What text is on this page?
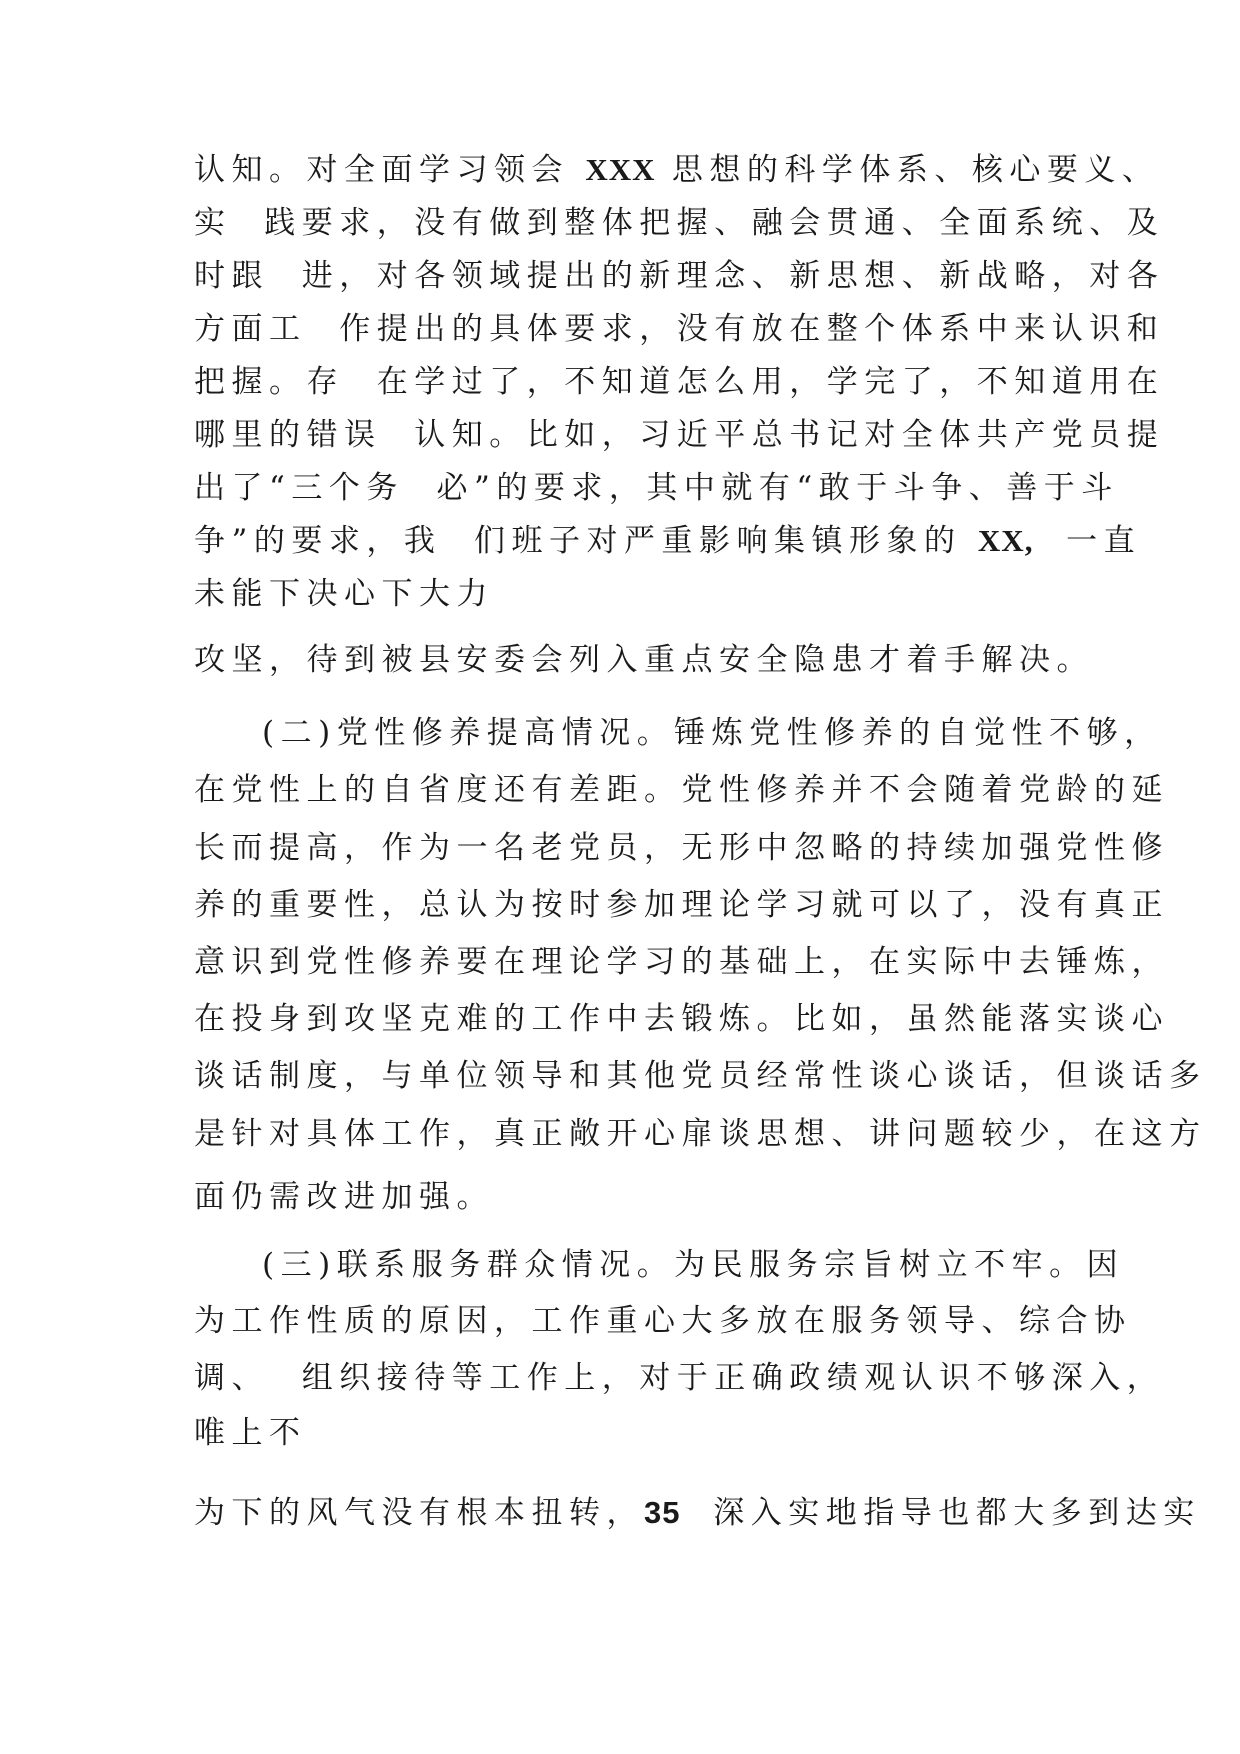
认知。对全面学习领会 XXX 思想的科学体系、核心要义、
实  践要求，没有做到整体把握、融会贯通、全面系统、及
时跟  进，对各领域提出的新理念、新思想、新战略，对各
方面工  作提出的具体要求，没有放在整个体系中来认识和
把握。存  在学过了，不知道怎么用，学完了，不知道用在
哪里的错误  认知。比如，习近平总书记对全体共产党员提
出了“三个务  必”的要求，其中就有“敢于斗争、善于斗
争”的要求，我  们班子对严重影响集镇形象的 XX,  一直
未能下决心下大力
攻坚，待到被县安委会列入重点安全隐患才着手解决。
(二)党性修养提高情况。锤炼党性修养的自觉性不够，
在党性上的自省度还有差距。党性修养并不会随着党龄的延
长而提高，作为一名老党员，无形中忽略的持续加强党性修
养的重要性，总认为按时参加理论学习就可以了，没有真正
意识到党性修养要在理论学习的基础上，在实际中去锤炼，
在投身到攻坚克难的工作中去锻炼。比如，虽然能落实谈心
谈话制度，与单位领导和其他党员经常性谈心谈话，但谈话多
是针对具体工作，真正敞开心扉谈思想、讲问题较少，在这方
面仍需改进加强。
(三)联系服务群众情况。为民服务宗旨树立不牢。因
为工作性质的原因，工作重心大多放在服务领导、综合协
调、  组织接待等工作上，对于正确政绩观认识不够深入，
唯上不
为下的风气没有根本扭转，35  深入实地指导也都大多到达实
